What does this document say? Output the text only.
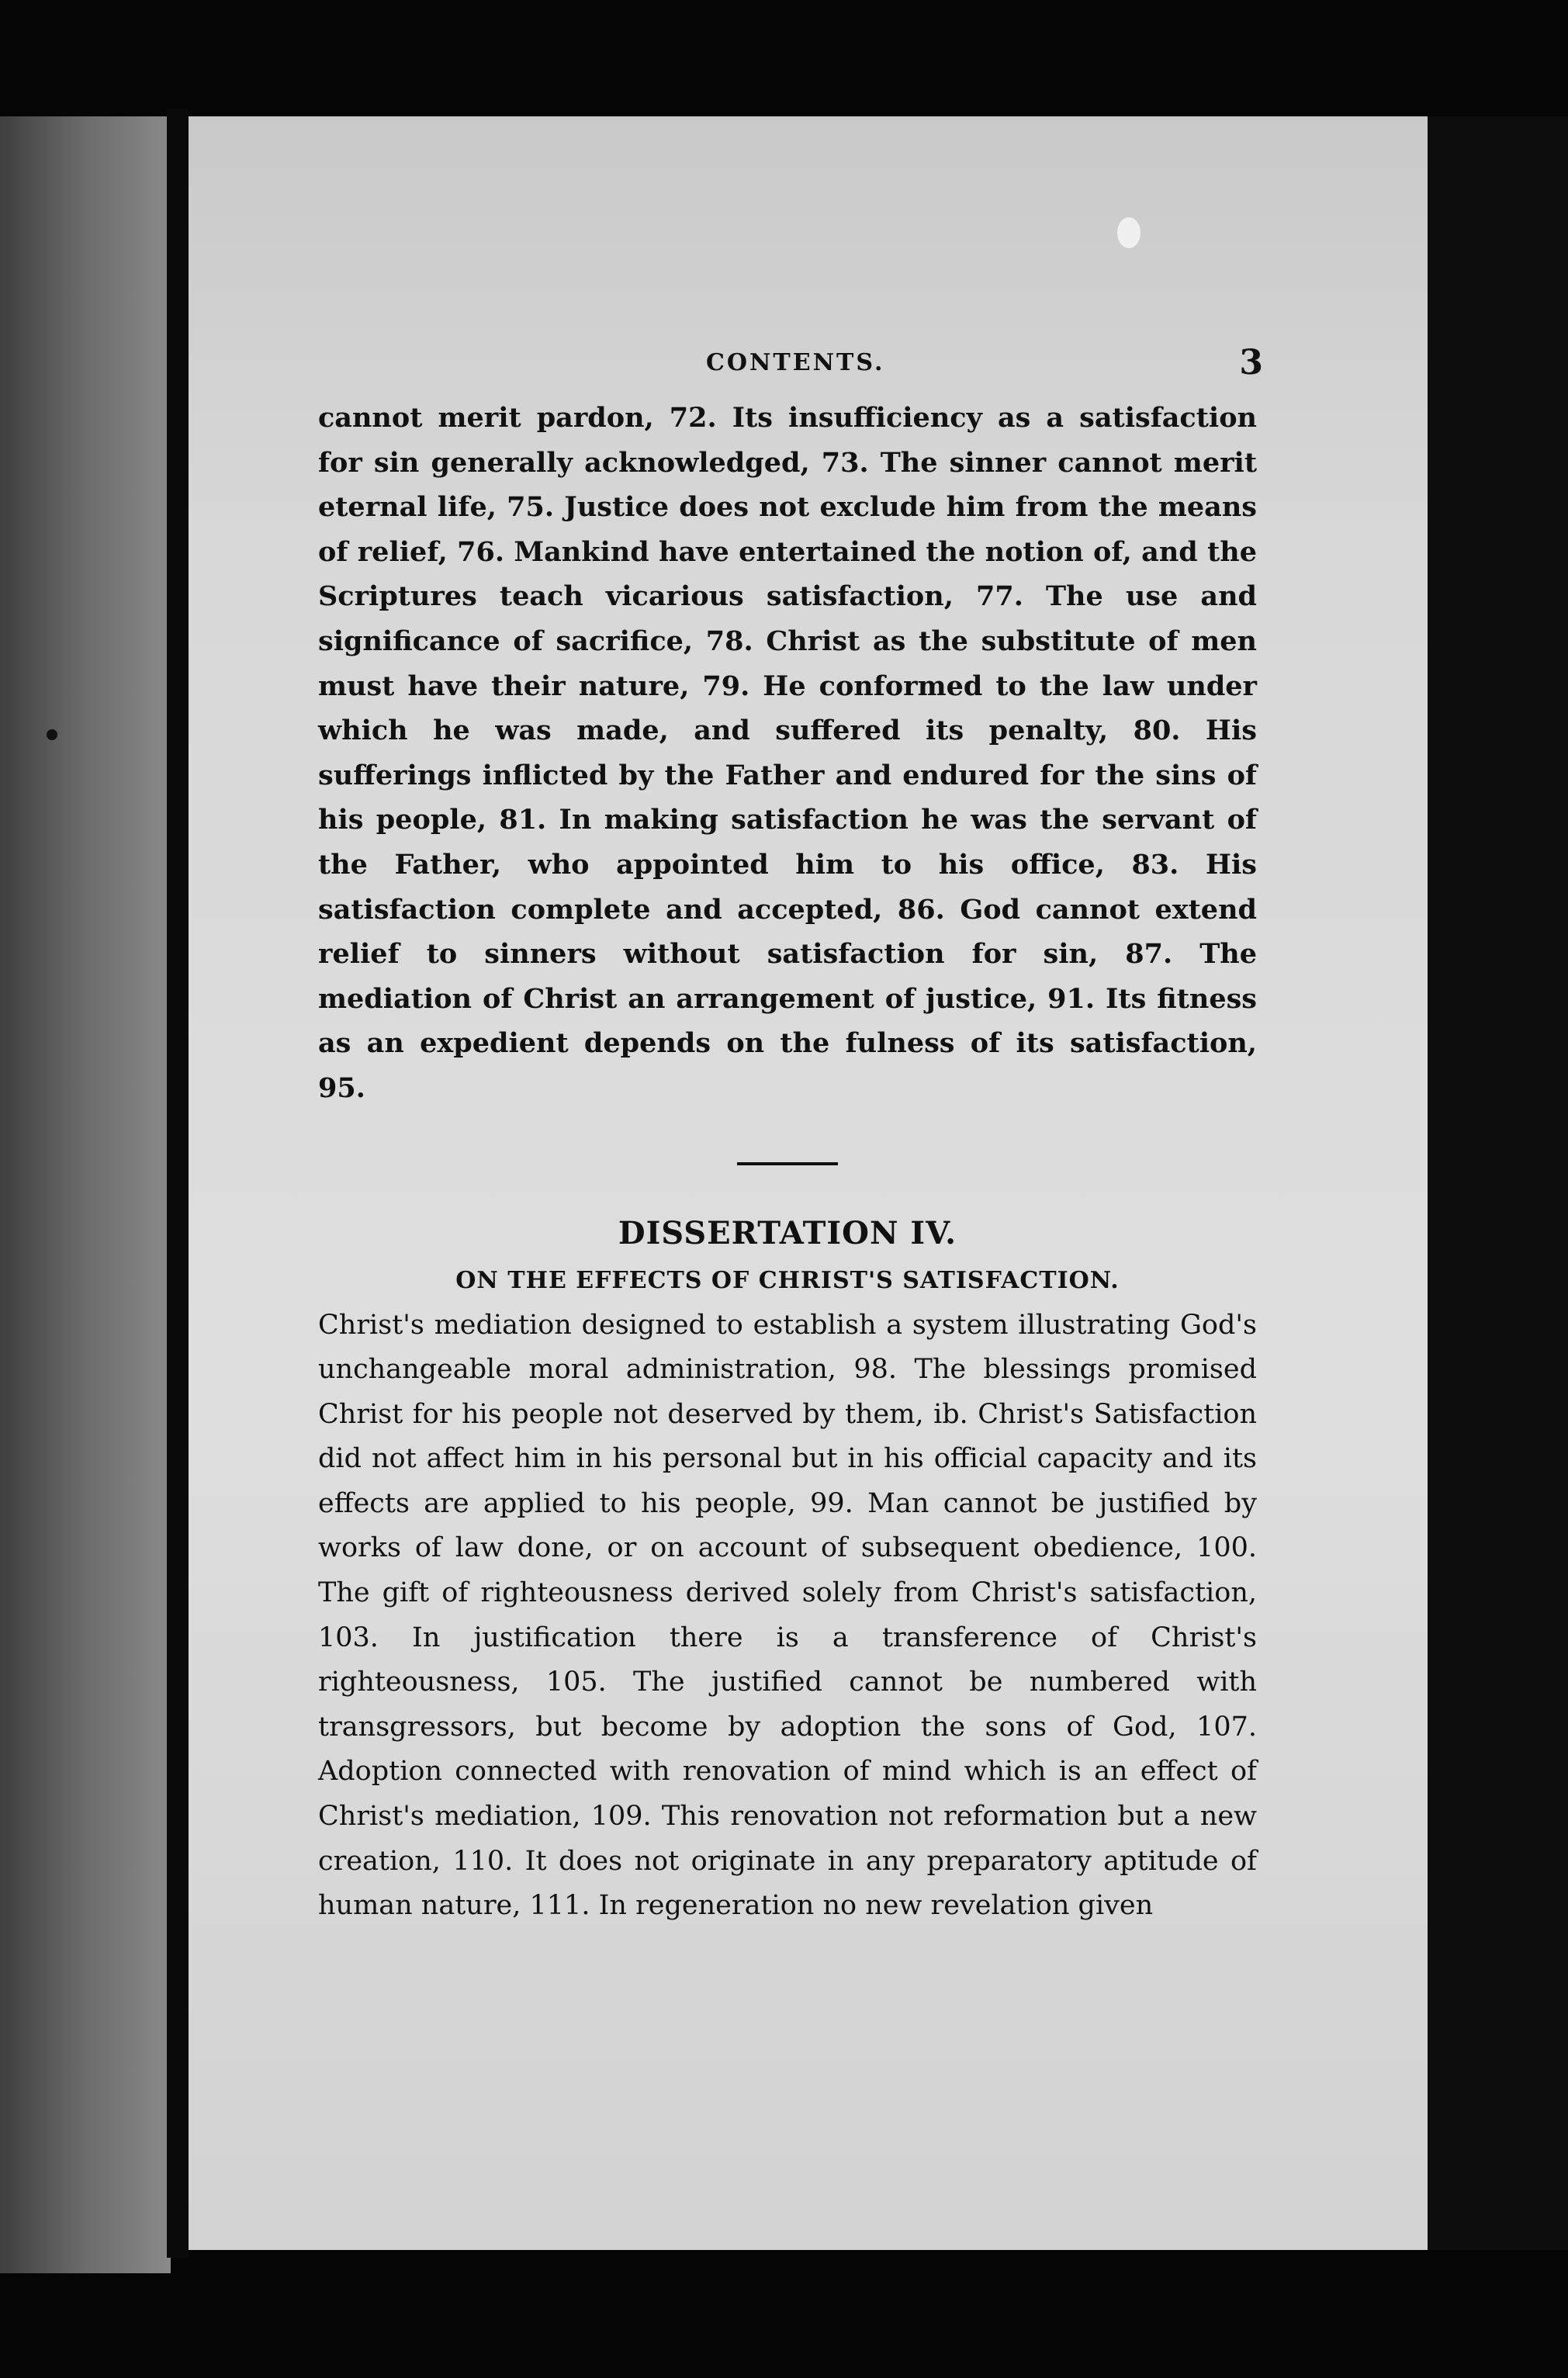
CONTENTS.	3

cannot merit pardon, 72. Its insufficiency as a satisfaction for sin generally acknowledged, 73. The sinner cannot merit eternal life, 75. Justice does not exclude him from the means of relief, 76. Mankind have entertained the notion of, and the Scriptures teach vicarious satisfaction, 77. The use and significance of sacrifice, 78. Christ as the substitute of men must have their nature, 79. He conformed to the law under which he was made, and suffered its penalty, 80. His sufferings inflicted by the Father and endured for the sins of his people, 81. In making satisfaction he was the servant of the Father, who appointed him to his office, 83. His satisfaction complete and accepted, 86. God cannot extend relief to sinners without satisfaction for sin, 87. The mediation of Christ an arrangement of justice, 91. Its fitness as an expedient depends on the fulness of its satisfaction, 95.

DISSERTATION IV.
ON THE EFFECTS OF CHRIST'S SATISFACTION.

Christ's mediation designed to establish a system illustrating God's unchangeable moral administration, 98. The blessings promised Christ for his people not deserved by them, ib. Christ's Satisfaction did not affect him in his personal but in his official capacity and its effects are applied to his people, 99. Man cannot be justified by works of law done, or on account of subsequent obedience, 100. The gift of righteousness derived solely from Christ's satisfaction, 103. In justification there is a transference of Christ's righteousness, 105. The justified cannot be numbered with transgressors, but become by adoption the sons of God, 107. Adoption connected with renovation of mind which is an effect of Christ's mediation, 109. This renovation not reformation but a new creation, 110. It does not originate in any preparatory aptitude of human nature, 111. In regeneration no new revelation given
